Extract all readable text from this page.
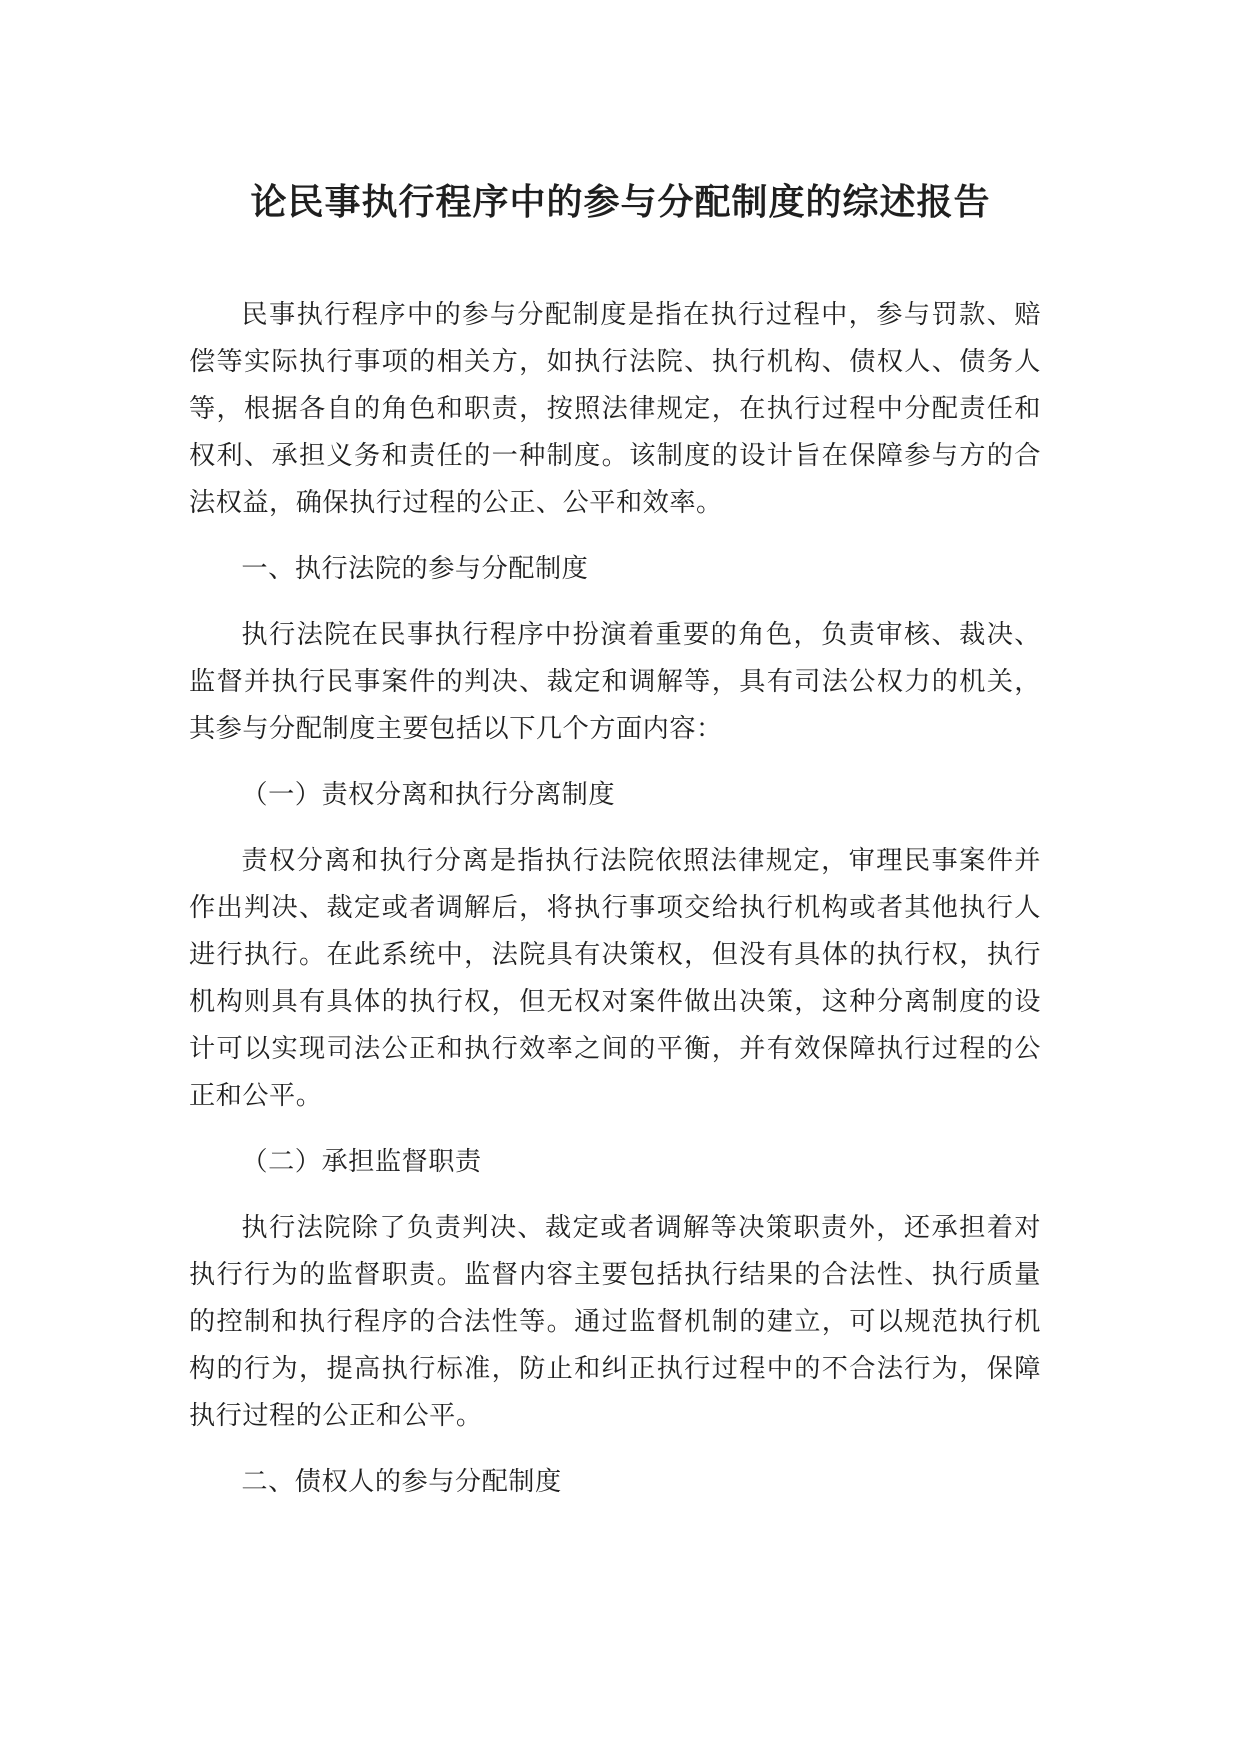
论民事执行程序中的参与分配制度的综述报告

民事执行程序中的参与分配制度是指在执行过程中，参与罚款、赔偿等实际执行事项的相关方，如执行法院、执行机构、债权人、债务人等，根据各自的角色和职责，按照法律规定，在执行过程中分配责任和权利、承担义务和责任的一种制度。该制度的设计旨在保障参与方的合法权益，确保执行过程的公正、公平和效率。

一、执行法院的参与分配制度

执行法院在民事执行程序中扮演着重要的角色，负责审核、裁决、监督并执行民事案件的判决、裁定和调解等，具有司法公权力的机关，其参与分配制度主要包括以下几个方面内容：

（一）责权分离和执行分离制度

责权分离和执行分离是指执行法院依照法律规定，审理民事案件并作出判决、裁定或者调解后，将执行事项交给执行机构或者其他执行人进行执行。在此系统中，法院具有决策权，但没有具体的执行权，执行机构则具有具体的执行权，但无权对案件做出决策，这种分离制度的设计可以实现司法公正和执行效率之间的平衡，并有效保障执行过程的公正和公平。

（二）承担监督职责

执行法院除了负责判决、裁定或者调解等决策职责外，还承担着对执行行为的监督职责。监督内容主要包括执行结果的合法性、执行质量的控制和执行程序的合法性等。通过监督机制的建立，可以规范执行机构的行为，提高执行标准，防止和纠正执行过程中的不合法行为，保障执行过程的公正和公平。

二、债权人的参与分配制度
